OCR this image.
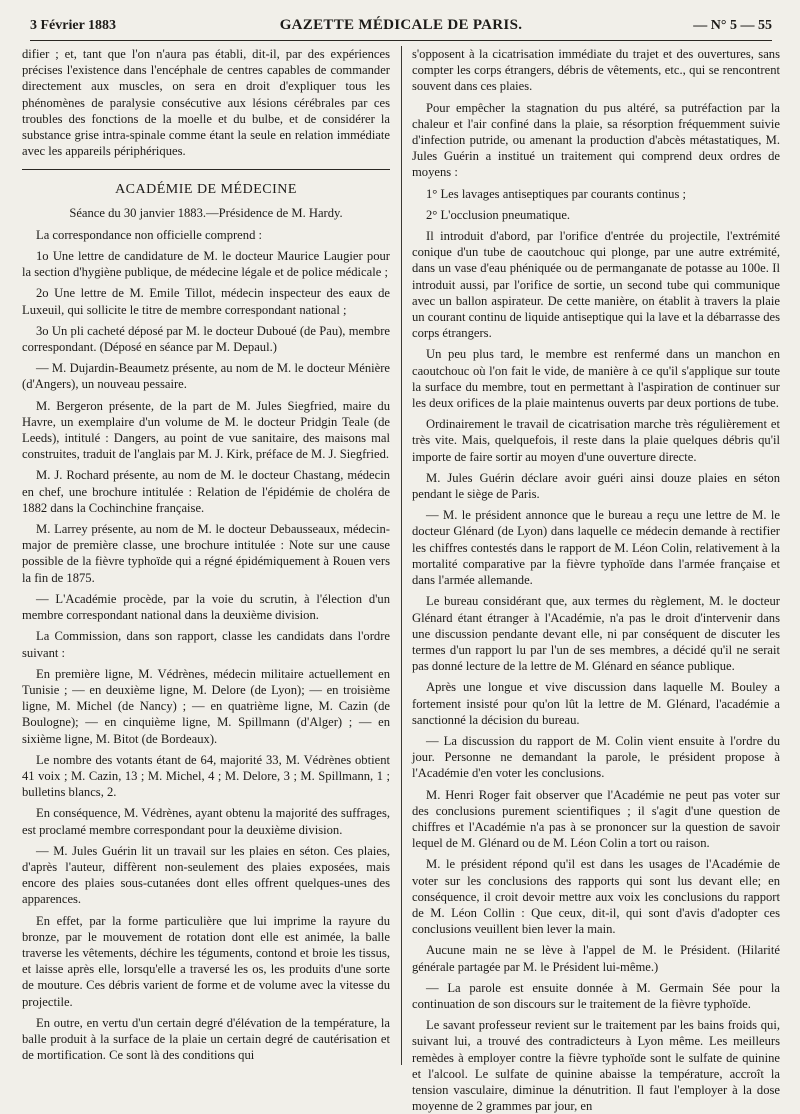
3 Février 1883	GAZETTE MÉDICALE DE PARIS.	— N° 5 — 55

difier ; et, tant que l'on n'aura pas établi, dit-il, par des expériences précises l'existence dans l'encéphale de centres capables de commander directement aux muscles, on sera en droit d'expliquer tous les phénomènes de paralysie consécutive aux lésions cérébrales par ces troubles des fonctions de la moelle et du bulbe, et de considérer la substance grise intra-spinale comme étant la seule en relation immédiate avec les appareils périphériques.

ACADÉMIE DE MÉDECINE
Séance du 30 janvier 1883.—Présidence de M. Hardy.

La correspondance non officielle comprend :

1o Une lettre de candidature de M. le docteur Maurice Laugier pour la section d'hygiène publique, de médecine légale et de police médicale ;

2o Une lettre de M. Emile Tillot, médecin inspecteur des eaux de Luxeuil, qui sollicite le titre de membre correspondant national ;

3o Un pli cacheté déposé par M. le docteur Duboué (de Pau), membre correspondant. (Déposé en séance par M. Depaul.)

— M. Dujardin-Beaumetz présente, au nom de M. le docteur Ménière (d'Angers), un nouveau pessaire.

M. Bergeron présente, de la part de M. Jules Siegfried, maire du Havre, un exemplaire d'un volume de M. le docteur Pridgin Teale (de Leeds), intitulé : Dangers, au point de vue sanitaire, des maisons mal construites, traduit de l'anglais par M. J. Kirk, préface de M. J. Siegfried.

M. J. Rochard présente, au nom de M. le docteur Chastang, médecin en chef, une brochure intitulée : Relation de l'épidémie de choléra de 1882 dans la Cochinchine française.

M. Larrey présente, au nom de M. le docteur Debausseaux, médecin-major de première classe, une brochure intitulée : Note sur une cause possible de la fièvre typhoïde qui a régné épidémiquement à Rouen vers la fin de 1875.

— L'Académie procède, par la voie du scrutin, à l'élection d'un membre correspondant national dans la deuxième division.

La Commission, dans son rapport, classe les candidats dans l'ordre suivant :

En première ligne, M. Védrènes, médecin militaire actuellement en Tunisie ; — en deuxième ligne, M. Delore (de Lyon); — en troisième ligne, M. Michel (de Nancy) ; — en quatrième ligne, M. Cazin (de Boulogne); — en cinquième ligne, M. Spillmann (d'Alger) ; — en sixième ligne, M. Bitot (de Bordeaux).

Le nombre des votants étant de 64, majorité 33, M. Védrènes obtient 41 voix ; M. Cazin, 13 ; M. Michel, 4 ; M. Delore, 3 ; M. Spillmann, 1 ; bulletins blancs, 2.

En conséquence, M. Védrènes, ayant obtenu la majorité des suffrages, est proclamé membre correspondant pour la deuxième division.

— M. Jules Guérin lit un travail sur les plaies en séton. Ces plaies, d'après l'auteur, diffèrent non-seulement des plaies exposées, mais encore des plaies sous-cutanées dont elles offrent quelques-unes des apparences.

En effet, par la forme particulière que lui imprime la rayure du bronze, par le mouvement de rotation dont elle est animée, la balle traverse les vêtements, déchire les téguments, contond et broie les tissus, et laisse après elle, lorsqu'elle a traversé les os, les produits d'une sorte de mouture. Ces débris varient de forme et de volume avec la vitesse du projectile.

En outre, en vertu d'un certain degré d'élévation de la température, la balle produit à la surface de la plaie un certain degré de cautérisation et de mortification. Ce sont là des conditions qui

s'opposent à la cicatrisation immédiate du trajet et des ouvertures, sans compter les corps étrangers, débris de vêtements, etc., qui se rencontrent souvent dans ces plaies.

Pour empêcher la stagnation du pus altéré, sa putréfaction par la chaleur et l'air confiné dans la plaie, sa résorption fréquemment suivie d'infection putride, ou amenant la production d'abcès métastatiques, M. Jules Guérin a institué un traitement qui comprend deux ordres de moyens :

1° Les lavages antiseptiques par courants continus ;

2° L'occlusion pneumatique.

Il introduit d'abord, par l'orifice d'entrée du projectile, l'extrémité conique d'un tube de caoutchouc qui plonge, par une autre extrémité, dans un vase d'eau phéniquée ou de permanganate de potasse au 100e. Il introduit aussi, par l'orifice de sortie, un second tube qui communique avec un ballon aspirateur. De cette manière, on établit à travers la plaie un courant continu de liquide antiseptique qui la lave et la débarrasse des corps étrangers.

Un peu plus tard, le membre est renfermé dans un manchon en caoutchouc où l'on fait le vide, de manière à ce qu'il s'applique sur toute la surface du membre, tout en permettant à l'aspiration de continuer sur les deux orifices de la plaie maintenus ouverts par deux portions de tube.

Ordinairement le travail de cicatrisation marche très régulièrement et très vite. Mais, quelquefois, il reste dans la plaie quelques débris qu'il importe de faire sortir au moyen d'une ouverture directe.

M. Jules Guérin déclare avoir guéri ainsi douze plaies en séton pendant le siège de Paris.

— M. le président annonce que le bureau a reçu une lettre de M. le docteur Glénard (de Lyon) dans laquelle ce médecin demande à rectifier les chiffres contestés dans le rapport de M. Léon Colin, relativement à la mortalité comparative par la fièvre typhoïde dans l'armée française et dans l'armée allemande.

Le bureau considérant que, aux termes du règlement, M. le docteur Glénard étant étranger à l'Académie, n'a pas le droit d'intervenir dans une discussion pendante devant elle, ni par conséquent de discuter les termes d'un rapport lu par l'un de ses membres, a décidé qu'il ne serait pas donné lecture de la lettre de M. Glénard en séance publique.

Après une longue et vive discussion dans laquelle M. Bouley a fortement insisté pour qu'on lût la lettre de M. Glénard, l'académie a sanctionné la décision du bureau.

— La discussion du rapport de M. Colin vient ensuite à l'ordre du jour. Personne ne demandant la parole, le président propose à l'Académie d'en voter les conclusions.

M. Henri Roger fait observer que l'Académie ne peut pas voter sur des conclusions purement scientifiques ; il s'agit d'une question de chiffres et l'Académie n'a pas à se prononcer sur la question de savoir lequel de M. Glénard ou de M. Léon Colin a tort ou raison.

M. le président répond qu'il est dans les usages de l'Académie de voter sur les conclusions des rapports qui sont lus devant elle; en conséquence, il croit devoir mettre aux voix les conclusions du rapport de M. Léon Collin : Que ceux, dit-il, qui sont d'avis d'adopter ces conclusions veuillent bien lever la main.

Aucune main ne se lève à l'appel de M. le Président. (Hilarité générale partagée par M. le Président lui-même.)

— La parole est ensuite donnée à M. Germain Sée pour la continuation de son discours sur le traitement de la fièvre typhoïde.

Le savant professeur revient sur le traitement par les bains froids qui, suivant lui, a trouvé des contradicteurs à Lyon même. Les meilleurs remèdes à employer contre la fièvre typhoïde sont le sulfate de quinine et l'alcool. Le sulfate de quinine abaisse la température, accroît la tension vasculaire, diminue la dénutrition. Il faut l'employer à la dose moyenne de 2 grammes par jour, en
